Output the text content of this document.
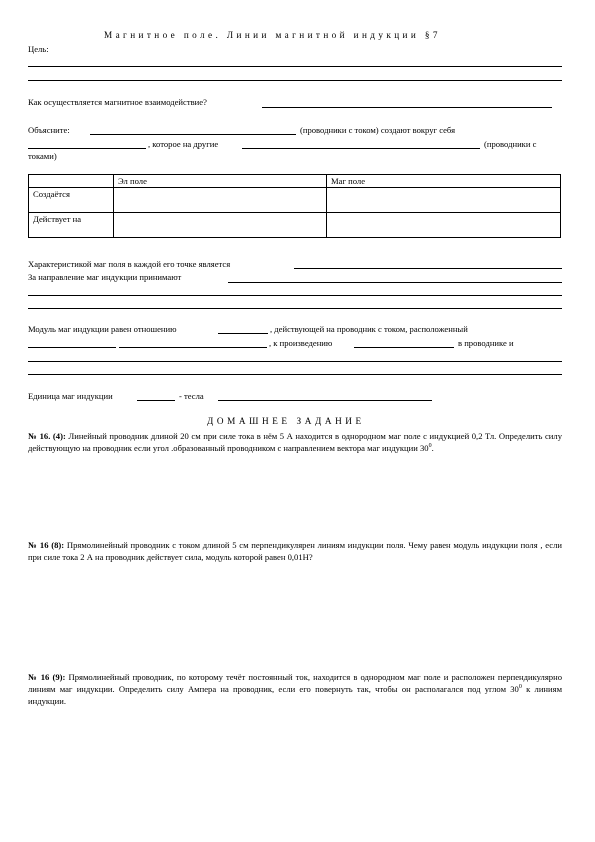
Магнитное поле. Линии магнитной индукции §7
Цель:
Как осуществляется магнитное взаимодействие?
Объясните:	(проводники с током) создают вокруг себя
, которое на другие	(проводники с
токами)
	Эл поле	Маг поле
Создаётся		
Действует на		
Характеристикой маг поля в каждой его точке является
За направление маг индукции принимают
Модуль маг индукции равен отношению	, действующей на проводник с током, расположенный
, к произведению	в проводнике и
Единица маг индукции	- тесла
ДОМАШНЕЕ ЗАДАНИЕ
№ 16. (4): Линейный проводник длиной 20 см при силе тока в нём 5 А находится в однородном маг поле с индукцией 0,2 Тл. Определить силу действующую на проводник если угол .образованный проводником с направлением вектора маг индукции $30^0$.
№ 16 (8): Прямолинейный проводник с током длиной 5 см перпендикулярен линиям индукции поля. Чему равен модуль индукции поля , если при силе тока 2 А на проводник действует сила, модуль которой равен 0,01Н?
№ 16 (9): Прямолинейный проводник, по которому течёт постоянный ток, находится в однородном маг поле и расположен перпендикулярно линиям маг индукции. Определить силу Ампера на проводник, если его повернуть так, чтобы он располагался под углом $30^0$ к линиям индукции.
